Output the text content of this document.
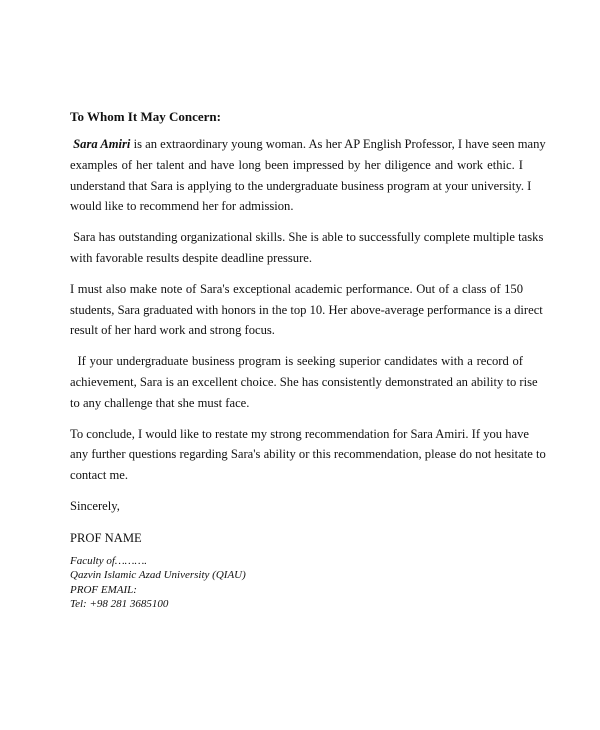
To Whom It May Concern:
Sara Amiri is an extraordinary young woman. As her AP English Professor, I have seen many
examples of her talent and have long been impressed by her diligence and work ethic. I
understand that Sara is applying to the undergraduate business program at your university. I
would like to recommend her for admission.
Sara has outstanding organizational skills. She is able to successfully complete multiple tasks
with favorable results despite deadline pressure.
I must also make note of Sara's exceptional academic performance. Out of a class of 150
students, Sara graduated with honors in the top 10. Her above-average performance is a direct
result of her hard work and strong focus.
If your undergraduate business program is seeking superior candidates with a record of
achievement, Sara is an excellent choice. She has consistently demonstrated an ability to rise
to any challenge that she must face.
To conclude, I would like to restate my strong recommendation for Sara Amiri. If you have
any further questions regarding Sara's ability or this recommendation, please do not hesitate to
contact me.
Sincerely,
PROF NAME
Faculty of……….
Qazvin Islamic Azad University (QIAU)
PROF EMAIL:
Tel: +98 281 3685100
